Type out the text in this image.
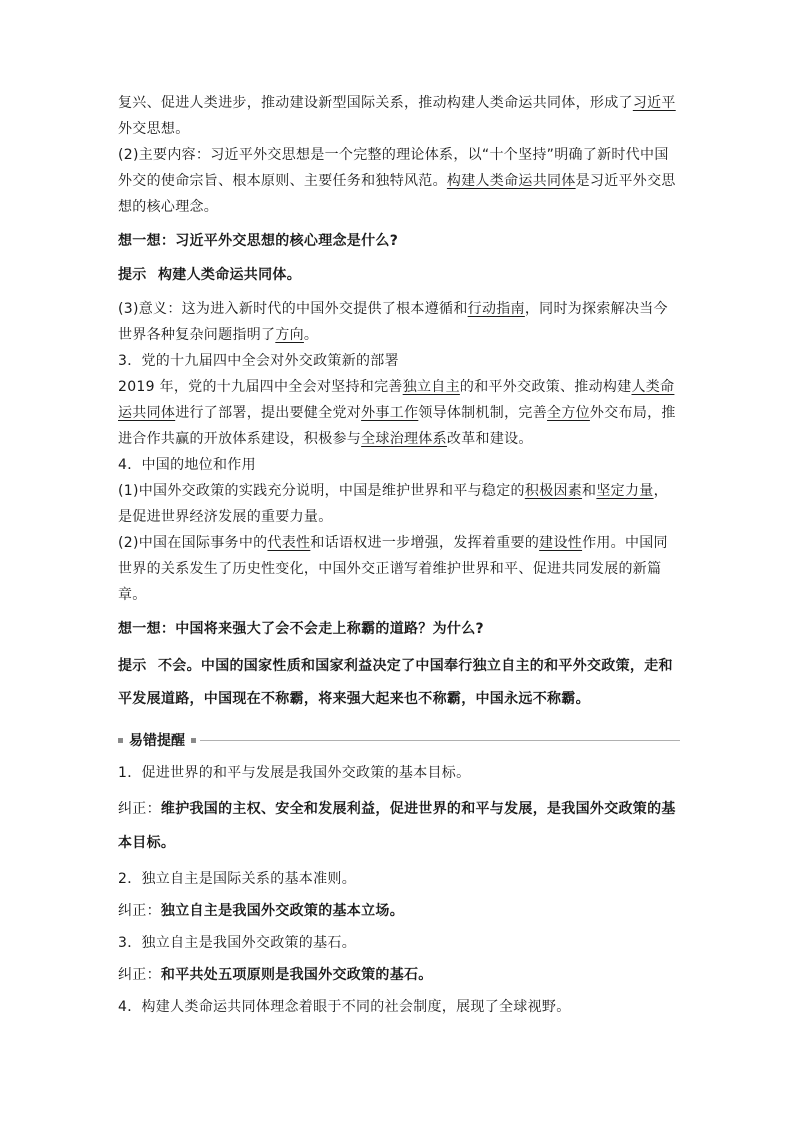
复兴、促进人类进步，推动建设新型国际关系，推动构建人类命运共同体，形成了习近平外交思想。

(2)主要内容：习近平外交思想是一个完整的理论体系，以“十个坚持”明确了新时代中国外交的使命宗旨、根本原则、主要任务和独特风范。构建人类命运共同体是习近平外交思想的核心理念。

想一想：习近平外交思想的核心理念是什么?

提示 构建人类命运共同体。

(3)意义：这为进入新时代的中国外交提供了根本遵循和行动指南，同时为探索解决当今世界各种复杂问题指明了方向。

3．党的十九届四中全会对外交政策新的部署

2019 年，党的十九届四中全会对坚持和完善独立自主的和平外交政策、推动构建人类命运共同体进行了部署，提出要健全党对外事工作领导体制机制，完善全方位外交布局，推进合作共赢的开放体系建设，积极参与全球治理体系改革和建设。

4．中国的地位和作用

(1)中国外交政策的实践充分说明，中国是维护世界和平与稳定的积极因素和坚定力量，是促进世界经济发展的重要力量。

(2)中国在国际事务中的代表性和话语权进一步增强，发挥着重要的建设性作用。中国同世界的关系发生了历史性变化，中国外交正谱写着维护世界和平、促进共同发展的新篇章。

想一想：中国将来强大了会不会走上称霸的道路？为什么?

提示 不会。中国的国家性质和国家利益决定了中国奉行独立自主的和平外交政策，走和平发展道路，中国现在不称霸，将来强大起来也不称霸，中国永远不称霸。

易错提醒

1．促进世界的和平与发展是我国外交政策的基本目标。

纠正：维护我国的主权、安全和发展利益，促进世界的和平与发展，是我国外交政策的基本目标。

2．独立自主是国际关系的基本准则。

纠正：独立自主是我国外交政策的基本立场。

3．独立自主是我国外交政策的基石。

纠正：和平共处五项原则是我国外交政策的基石。

4．构建人类命运共同体理念着眼于不同的社会制度，展现了全球视野。
